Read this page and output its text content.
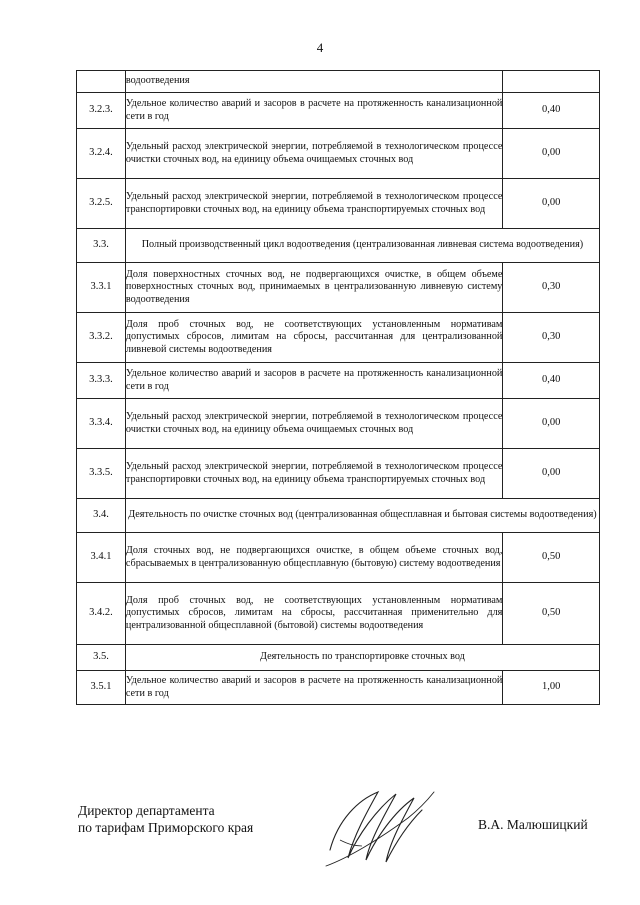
4
	водоотведения	
3.2.3.	Удельное количество аварий и засоров в расчете на протяженность канализационной сети в год	0,40
3.2.4.	Удельный расход электрической энергии, потребляемой в технологическом процессе очистки сточных вод, на единицу объема очищаемых сточных вод	0,00
3.2.5.	Удельный расход электрической энергии, потребляемой в технологическом процессе транспортировки сточных вод, на единицу объема транспортируемых сточных вод	0,00
3.3.	Полный производственный цикл водоотведения (централизованная ливневая система водоотведения)	
3.3.1	Доля поверхностных сточных вод, не подвергающихся очистке, в общем объеме поверхностных сточных вод, принимаемых в централизованную ливневую систему водоотведения	0,30
3.3.2.	Доля проб сточных вод, не соответствующих установленным нормативам допустимых сбросов, лимитам на сбросы, рассчитанная для централизованной ливневой системы водоотведения	0,30
3.3.3.	Удельное количество аварий и засоров в расчете на протяженность канализационной сети в год	0,40
3.3.4.	Удельный расход электрической энергии, потребляемой в технологическом процессе очистки сточных вод, на единицу объема очищаемых сточных вод	0,00
3.3.5.	Удельный расход электрической энергии, потребляемой в технологическом процессе транспортировки сточных вод, на единицу объема транспортируемых сточных вод	0,00
3.4.	Деятельность по очистке сточных вод (централизованная общесплавная и бытовая системы водоотведения)	
3.4.1	Доля сточных вод, не подвергающихся очистке, в общем объеме сточных вод, сбрасываемых в централизованную общесплавную (бытовую) систему водоотведения	0,50
3.4.2.	Доля проб сточных вод, не соответствующих установленным нормативам допустимых сбросов, лимитам на сбросы, рассчитанная применительно для централизованной общесплавной (бытовой) системы водоотведения	0,50
3.5.	Деятельность по транспортировке сточных вод	
3.5.1	Удельное количество аварий и засоров в расчете на протяженность канализационной сети в год	1,00
Директор департамента
по тарифам Приморского края	В.А. Малюшицкий
